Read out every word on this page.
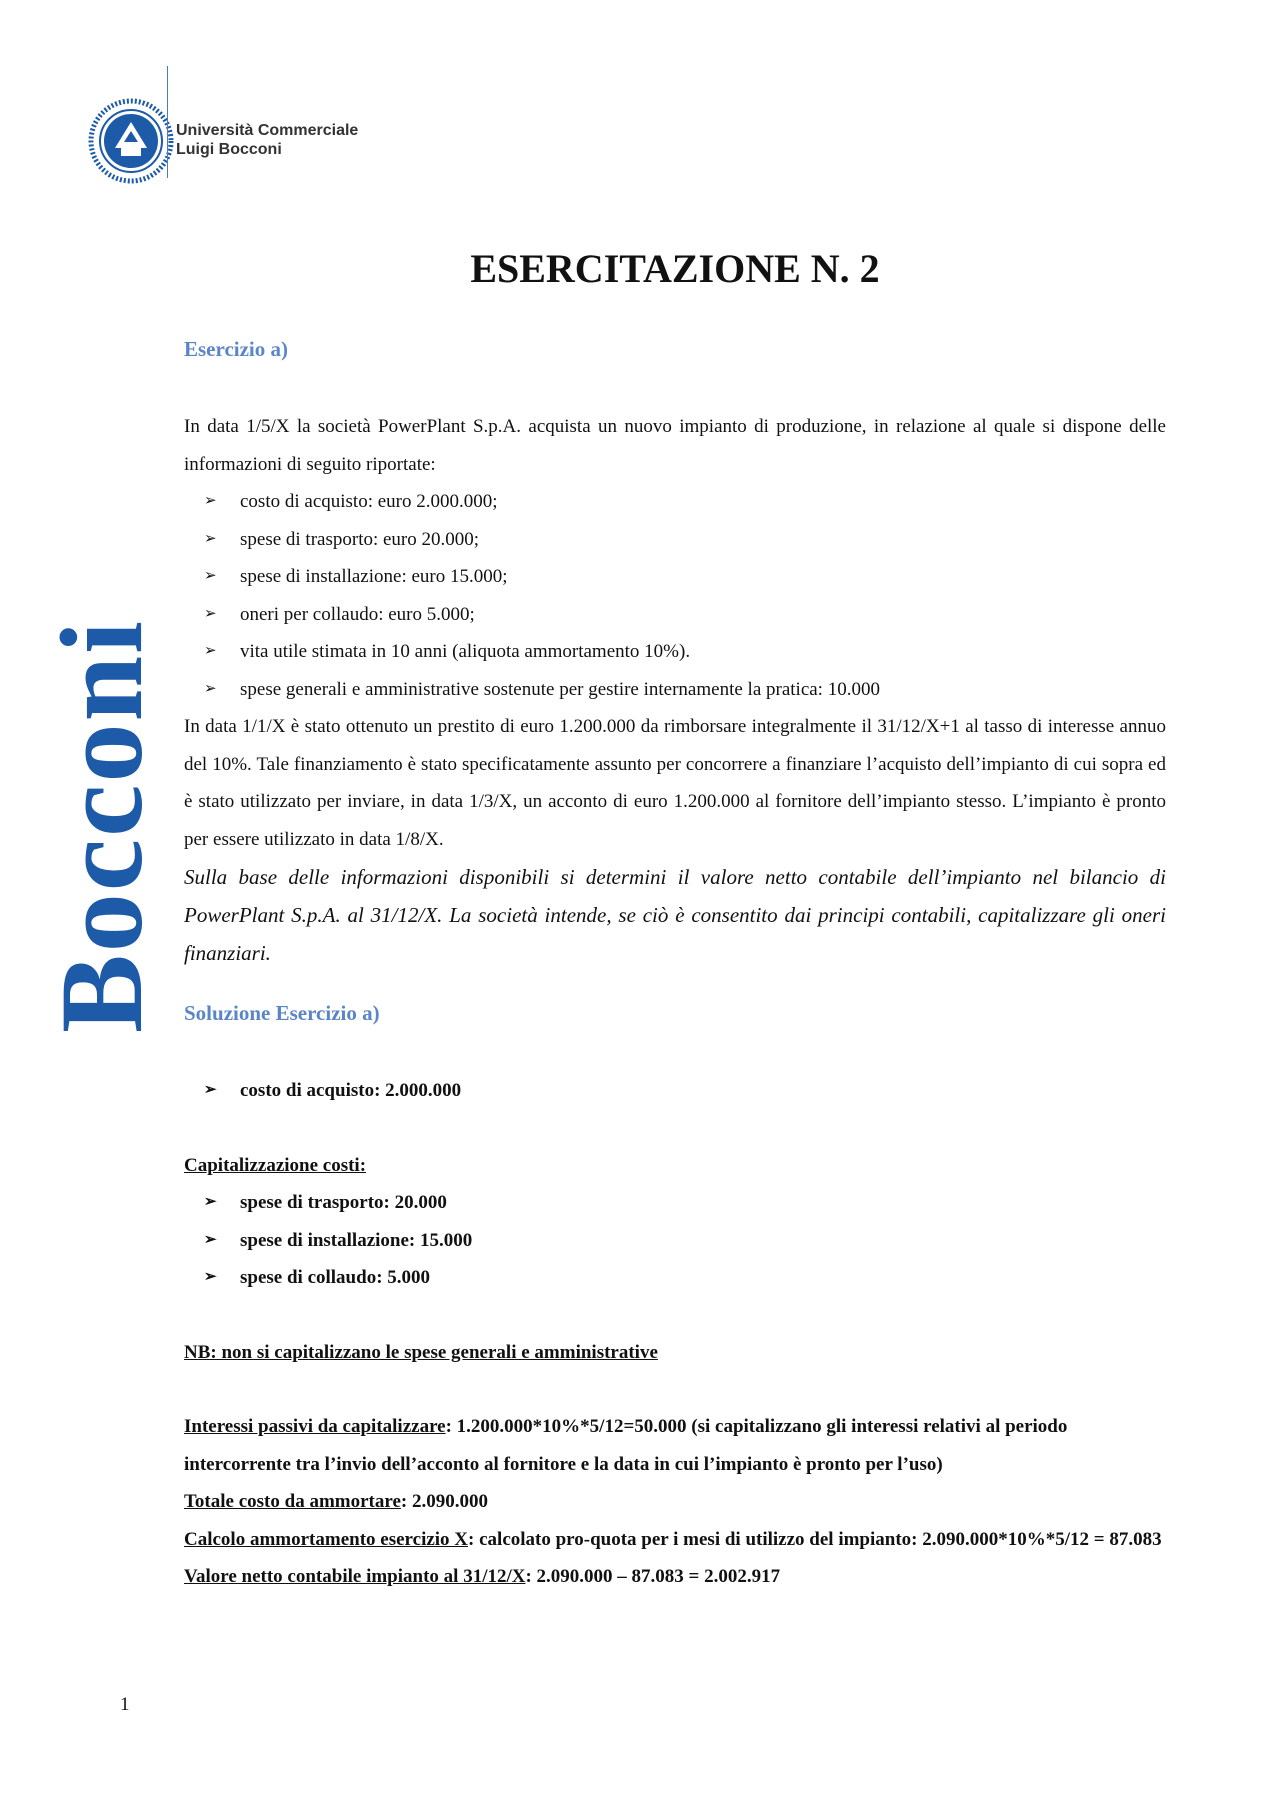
Università Commerciale
Luigi Bocconi
Bocconi
ESERCITAZIONE N. 2
Esercizio a)

In data 1/5/X la società PowerPlant S.p.A. acquista un nuovo impianto di produzione, in relazione al quale si dispone delle informazioni di seguito riportate:

➢ costo di acquisto: euro 2.000.000;
➢ spese di trasporto: euro 20.000;
➢ spese di installazione: euro 15.000;
➢ oneri per collaudo: euro 5.000;
➢ vita utile stimata in 10 anni (aliquota ammortamento 10%).
➢ spese generali e amministrative sostenute per gestire internamente la pratica: 10.000

In data 1/1/X è stato ottenuto un prestito di euro 1.200.000 da rimborsare integralmente il 31/12/X+1 al tasso di interesse annuo del 10%. Tale finanziamento è stato specificatamente assunto per concorrere a finanziare l’acquisto dell’impianto di cui sopra ed è stato utilizzato per inviare, in data 1/3/X, un acconto di euro 1.200.000 al fornitore dell’impianto stesso. L’impianto è pronto per essere utilizzato in data 1/8/X.

Sulla base delle informazioni disponibili si determini il valore netto contabile dell’impianto nel bilancio di PowerPlant S.p.A. al 31/12/X. La società intende, se ciò è consentito dai principi contabili, capitalizzare gli oneri finanziari.

Soluzione Esercizio a)
➢ costo di acquisto: 2.000.000

Capitalizzazione costi:

➢ spese di trasporto: 20.000
➢ spese di installazione: 15.000
➢ spese di collaudo: 5.000

NB: non si capitalizzano le spese generali e amministrative

Interessi passivi da capitalizzare: 1.200.000*10%*5/12=50.000 (si capitalizzano gli interessi relativi al periodo intercorrente tra l’invio dell’acconto al fornitore e la data in cui l’impianto è pronto per l’uso)

Totale costo da ammortare: 2.090.000

Calcolo ammortamento esercizio X: calcolato pro-quota per i mesi di utilizzo del impianto: 2.090.000*10%*5/12 = 87.083

Valore netto contabile impianto al 31/12/X: 2.090.000 – 87.083 = 2.002.917

1
